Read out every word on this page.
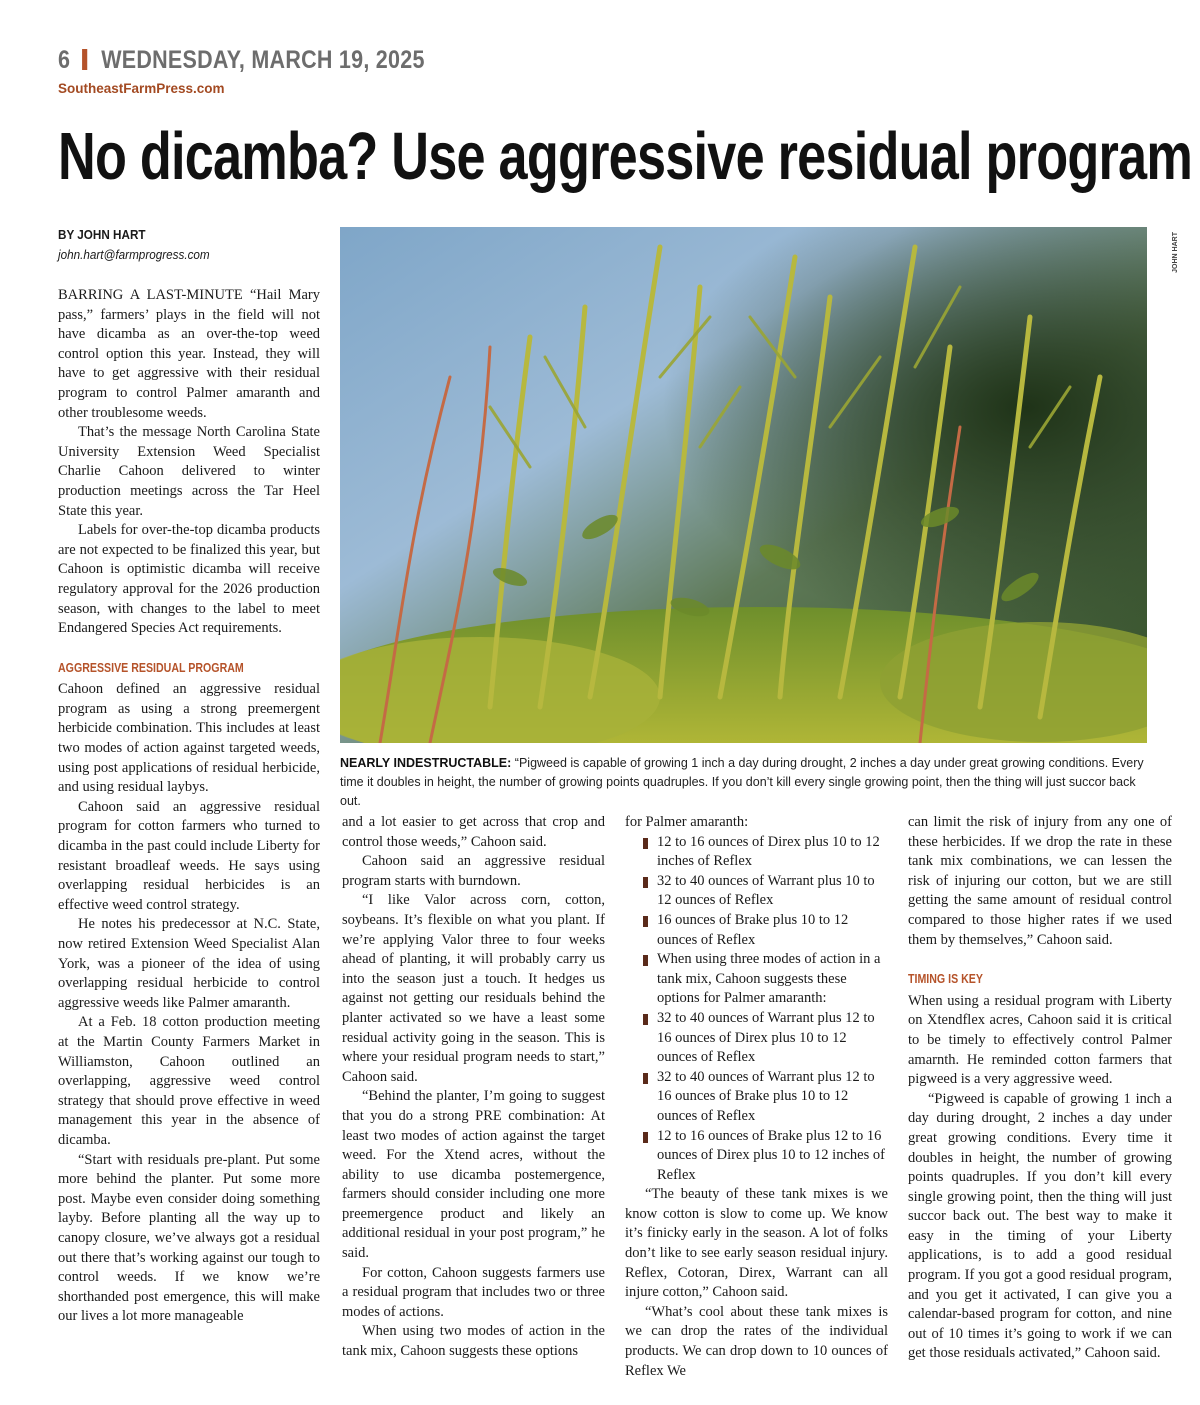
6 WEDNESDAY, MARCH 19, 2025
SoutheastFarmPress.com
No dicamba? Use aggressive residual program
BY JOHN HART
john.hart@farmprogress.com

BARRING A LAST-MINUTE “Hail Mary pass,” farmers’ plays in the field will not have dicamba as an over-the-top weed control option this year. Instead, they will have to get aggressive with their residual program to control Palmer amaranth and other troublesome weeds.

That’s the message North Carolina State University Extension Weed Specialist Charlie Cahoon delivered to winter production meetings across the Tar Heel State this year.

Labels for over-the-top dicamba products are not expected to be finalized this year, but Cahoon is optimistic dicamba will receive regulatory approval for the 2026 production season, with changes to the label to meet Endangered Species Act requirements.

AGGRESSIVE RESIDUAL PROGRAM

Cahoon defined an aggressive residual program as using a strong preemergent herbicide combination. This includes at least two modes of action against targeted weeds, using post applications of residual herbicide, and using residual laybys.

Cahoon said an aggressive residual program for cotton farmers who turned to dicamba in the past could include Liberty for resistant broadleaf weeds. He says using overlapping residual herbicides is an effective weed control strategy.

He notes his predecessor at N.C. State, now retired Extension Weed Specialist Alan York, was a pioneer of the idea of using overlapping residual herbicide to control aggressive weeds like Palmer amaranth.

At a Feb. 18 cotton production meeting at the Martin County Farmers Market in Williamston, Cahoon outlined an overlapping, aggressive weed control strategy that should prove effective in weed management this year in the absence of dicamba.

“Start with residuals pre-plant. Put some more behind the planter. Put some more post. Maybe even consider doing something layby. Before planting all the way up to canopy closure, we’ve always got a residual out there that’s working against our tough to control weeds. If we know we’re shorthanded post emergence, this will make our lives a lot more manageable

JOHN HART
NEARLY INDESTRUCTABLE: “Pigweed is capable of growing 1 inch a day during drought, 2 inches a day under great growing conditions. Every time it doubles in height, the number of growing points quadruples. If you don’t kill every single growing point, then the thing will just succor back out.

and a lot easier to get across that crop and control those weeds,” Cahoon said.

Cahoon said an aggressive residual program starts with burndown.

“I like Valor across corn, cotton, soybeans. It’s flexible on what you plant. If we’re applying Valor three to four weeks ahead of planting, it will probably carry us into the season just a touch. It hedges us against not getting our residuals behind the planter activated so we have a least some residual activity going in the season. This is where your residual program needs to start,” Cahoon said.

“Behind the planter, I’m going to suggest that you do a strong PRE combination: At least two modes of action against the target weed. For the Xtend acres, without the ability to use dicamba postemergence, farmers should consider including one more preemergence product and likely an additional residual in your post program,” he said.

For cotton, Cahoon suggests farmers use a residual program that includes two or three modes of actions.

When using two modes of action in the tank mix, Cahoon suggests these options

for Palmer amaranth:

12 to 16 ounces of Direx plus 10 to 12 inches of Reflex
32 to 40 ounces of Warrant plus 10 to 12 ounces of Reflex
16 ounces of Brake plus 10 to 12 ounces of Reflex
When using three modes of action in a tank mix, Cahoon suggests these options for Palmer amaranth:
32 to 40 ounces of Warrant plus 12 to 16 ounces of Direx plus 10 to 12 ounces of Reflex
32 to 40 ounces of Warrant plus 12 to 16 ounces of Brake plus 10 to 12 ounces of Reflex
12 to 16 ounces of Brake plus 12 to 16 ounces of Direx plus 10 to 12 inches of Reflex

“The beauty of these tank mixes is we know cotton is slow to come up. We know it’s finicky early in the season. A lot of folks don’t like to see early season residual injury. Reflex, Cotoran, Direx, Warrant can all injure cotton,” Cahoon said.

“What’s cool about these tank mixes is we can drop the rates of the individual products. We can drop down to 10 ounces of Reflex We

can limit the risk of injury from any one of these herbicides. If we drop the rate in these tank mix combinations, we can lessen the risk of injuring our cotton, but we are still getting the same amount of residual control compared to those higher rates if we used them by themselves,” Cahoon said.

TIMING IS KEY

When using a residual program with Liberty on Xtendflex acres, Cahoon said it is critical to be timely to effectively control Palmer amarnth. He reminded cotton farmers that pigweed is a very aggressive weed.

“Pigweed is capable of growing 1 inch a day during drought, 2 inches a day under great growing conditions. Every time it doubles in height, the number of growing points quadruples. If you don’t kill every single growing point, then the thing will just succor back out. The best way to make it easy in the timing of your Liberty applications, is to add a good residual program. If you got a good residual program, and you get it activated, I can give you a calendar-based program for cotton, and nine out of 10 times it’s going to work if we can get those residuals activated,” Cahoon said.
